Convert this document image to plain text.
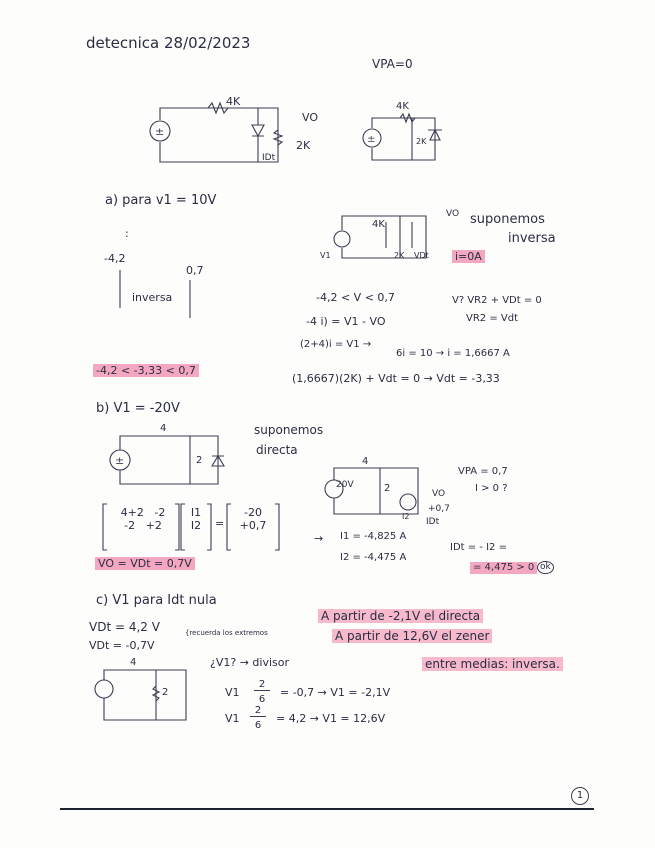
detecnica 28/02/2023
VPA=0
±
4K
VO
2K
IDt
±
4K
2K
a) para v1 = 10V
:
-4,2
0,7
inversa
4K
V1	2K VDt
VO suponemos
inversa
i=0A
-4,2 < V < 0,7	V? VR2 + VDt = 0
VR2 = Vdt
-4 i) = V1 - VO
(2+4)i = V1 →
6i = 10 → i = 1,6667 A
(1,6667)(2K) + Vdt = 0 → Vdt = -3,33
-4,2 < -3,33 < 0,7
b) V1 = -20V
suponemos
directa
±
4
2	4
20V	2	VO
+0,7
I2
IDt
VPA = 0,7
I > 0 ?
4+2 -2
-2 +2
I1
I2	=
-20
+0,7
→ I1 = -4,825 A
I2 = -4,475 A
IDt = - I2 =
= 4,475 > 0 ok
VO = VDt = 0,7V
c) V1 para Idt nula
A partir de -2,1V el directa
VDt = 4,2 V	{recuerda los extremos	A partir de 12,6V el zener
VDt = -0,7V
¿V1? → divisor	entre medias: inversa.
4
2	V1
2
6
= -0,7 → V1 = -2,1V
V1
2
6
= 4,2 → V1 = 12,6V
1
